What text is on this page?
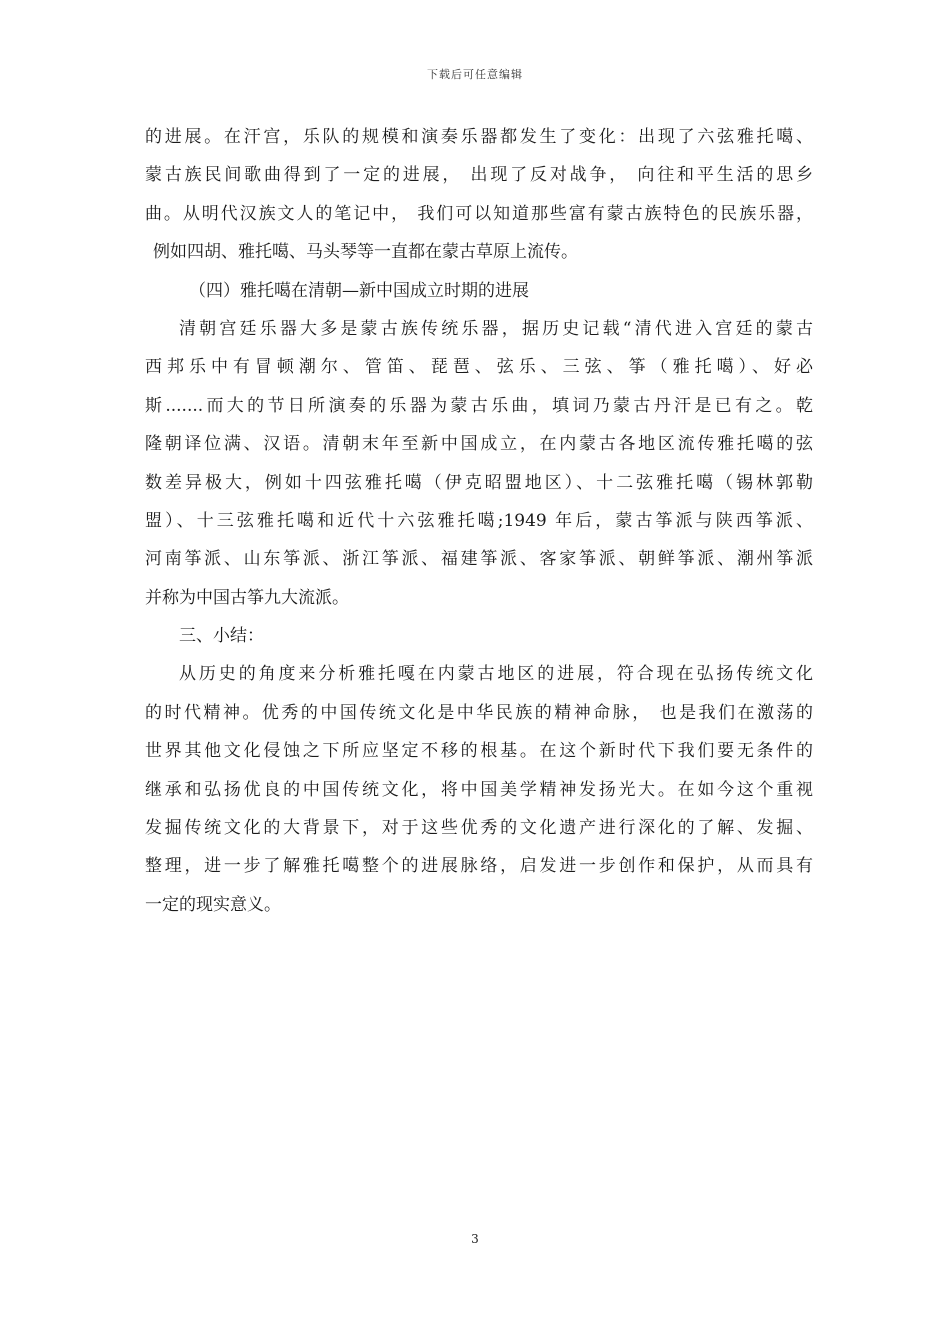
下载后可任意编辑
的进展。在汗宫，乐队的规模和演奏乐器都发生了变化：出现了六弦雅托噶、
蒙古族民间歌曲得到了一定的进展， 出现了反对战争， 向往和平生活的思乡
曲。从明代汉族文人的笔记中， 我们可以知道那些富有蒙古族特色的民族乐器，
例如四胡、雅托噶、马头琴等一直都在蒙古草原上流传。
（四）雅托噶在清朝—新中国成立时期的进展
清朝宫廷乐器大多是蒙古族传统乐器，据历史记载“清代进入宫廷的蒙古
西邦乐中有冒顿潮尔、管笛、琵琶、弦乐、三弦、筝（雅托噶）、好必
斯.......而大的节日所演奏的乐器为蒙古乐曲，填词乃蒙古丹汗是已有之。乾
隆朝译位满、汉语。清朝末年至新中国成立，在内蒙古各地区流传雅托噶的弦
数差异极大，例如十四弦雅托噶（伊克昭盟地区）、十二弦雅托噶（锡林郭勒
盟）、十三弦雅托噶和近代十六弦雅托噶;1949 年后，蒙古筝派与陕西筝派、
河南筝派、山东筝派、浙江筝派、福建筝派、客家筝派、朝鲜筝派、潮州筝派
并称为中国古筝九大流派。
三、小结：
从历史的角度来分析雅托嘎在内蒙古地区的进展，符合现在弘扬传统文化
的时代精神。优秀的中国传统文化是中华民族的精神命脉， 也是我们在激荡的
世界其他文化侵蚀之下所应坚定不移的根基。在这个新时代下我们要无条件的
继承和弘扬优良的中国传统文化，将中国美学精神发扬光大。在如今这个重视
发掘传统文化的大背景下，对于这些优秀的文化遗产进行深化的了解、发掘、
整理，进一步了解雅托噶整个的进展脉络，启发进一步创作和保护，从而具有
一定的现实意义。
3
